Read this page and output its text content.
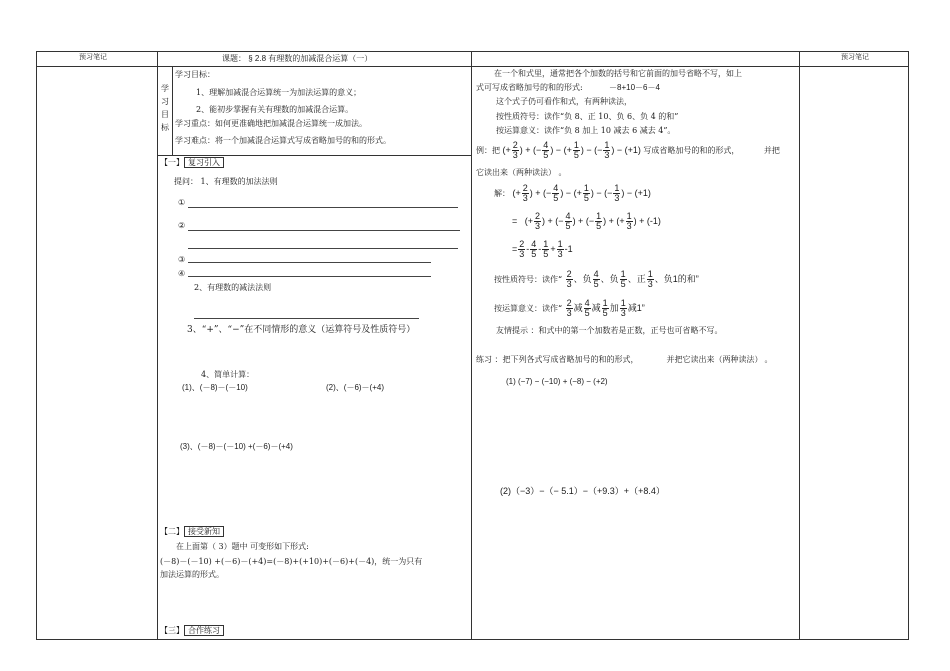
预习笔记	课题： § 2.8 有理数的加减混合运算（一）	预习笔记
学
习
目
标
学习目标：
1、理解加减混合运算统一为加法运算的意义；
2、能初步掌握有关有理数的加减混合运算。
学习重点：如何更准确地把加减混合运算统一成加法。
学习难点：将一个加减混合运算式写成省略加号的和的形式。
【一】 复习引入
提问： 1、有理数的加法法则
①
②
③
④
2、有理数的减法法则
3、“+”、“−”在不同情形的意义（运算符号及性质符号）
4、简单计算：
(1)、(－8)－(－10)	(2)、(－6)－(+4)
(3)、(－8)－(－10) +(－6)－(+4)
【二】 接受新知
在上面第（ 3）题中 可变形如下形式:
(－8)－(－10) +(－6)－(+4)=(－8)+(+10)+(－6)+(－4)，统一为只有
加法运算的形式。
【三】 合作练习
在一个和式里，通常把各个加数的括号和它前面的加号省略不写，如上
式可写成省略加号的和的形式:	－8+10－6－4
这个式子仍可看作和式，有两种读法，
按性质符号：读作“负 8、正 10、负 6、负 4 的和”
按运算意义：读作“负 8 加上 10 减去 6 减去 4”。
例：把 (+ $\frac{2}{3}$ ) + (− $\frac{4}{5}$ ) − (+ $\frac{1}{5}$ ) − (− $\frac{1}{3}$ ) − (+1) 写成省略加号的和的形式，	并把
它读出来（两种读法） 。
解： (+ $\frac{2}{3}$ ) + (− $\frac{4}{5}$ ) − (+ $\frac{1}{5}$ ) − (− $\frac{1}{3}$ ) − (+1)
=   (+ $\frac{2}{3}$ ) + (− $\frac{4}{5}$ ) + (− $\frac{1}{5}$ ) + (+ $\frac{1}{3}$ ) + (-1)
= $\frac{2}{3} - \frac{4}{5} - \frac{1}{5} + \frac{1}{3} -1$
按性质符号：读作“ $\frac{2}{3}$ 、负 $\frac{4}{5}$ 、负 $\frac{1}{5}$ 、正 $\frac{1}{3}$ 、负1的和”
按运算意义：读作“ $\frac{2}{3}$ 减 $\frac{4}{5}$ 减 $\frac{1}{5}$ 加 $\frac{1}{3}$ 减1”
友情提示 ：和式中的第一个加数若是正数，正号也可省略不写。
练习 ：把下列各式写成省略加号的和的形式，	并把它读出来（两种读法） 。
(1) (−7) − (−10) + (−8) − (+2)
(2)（−3）−（− 5.1）−（+9.3）+（+8.4）
